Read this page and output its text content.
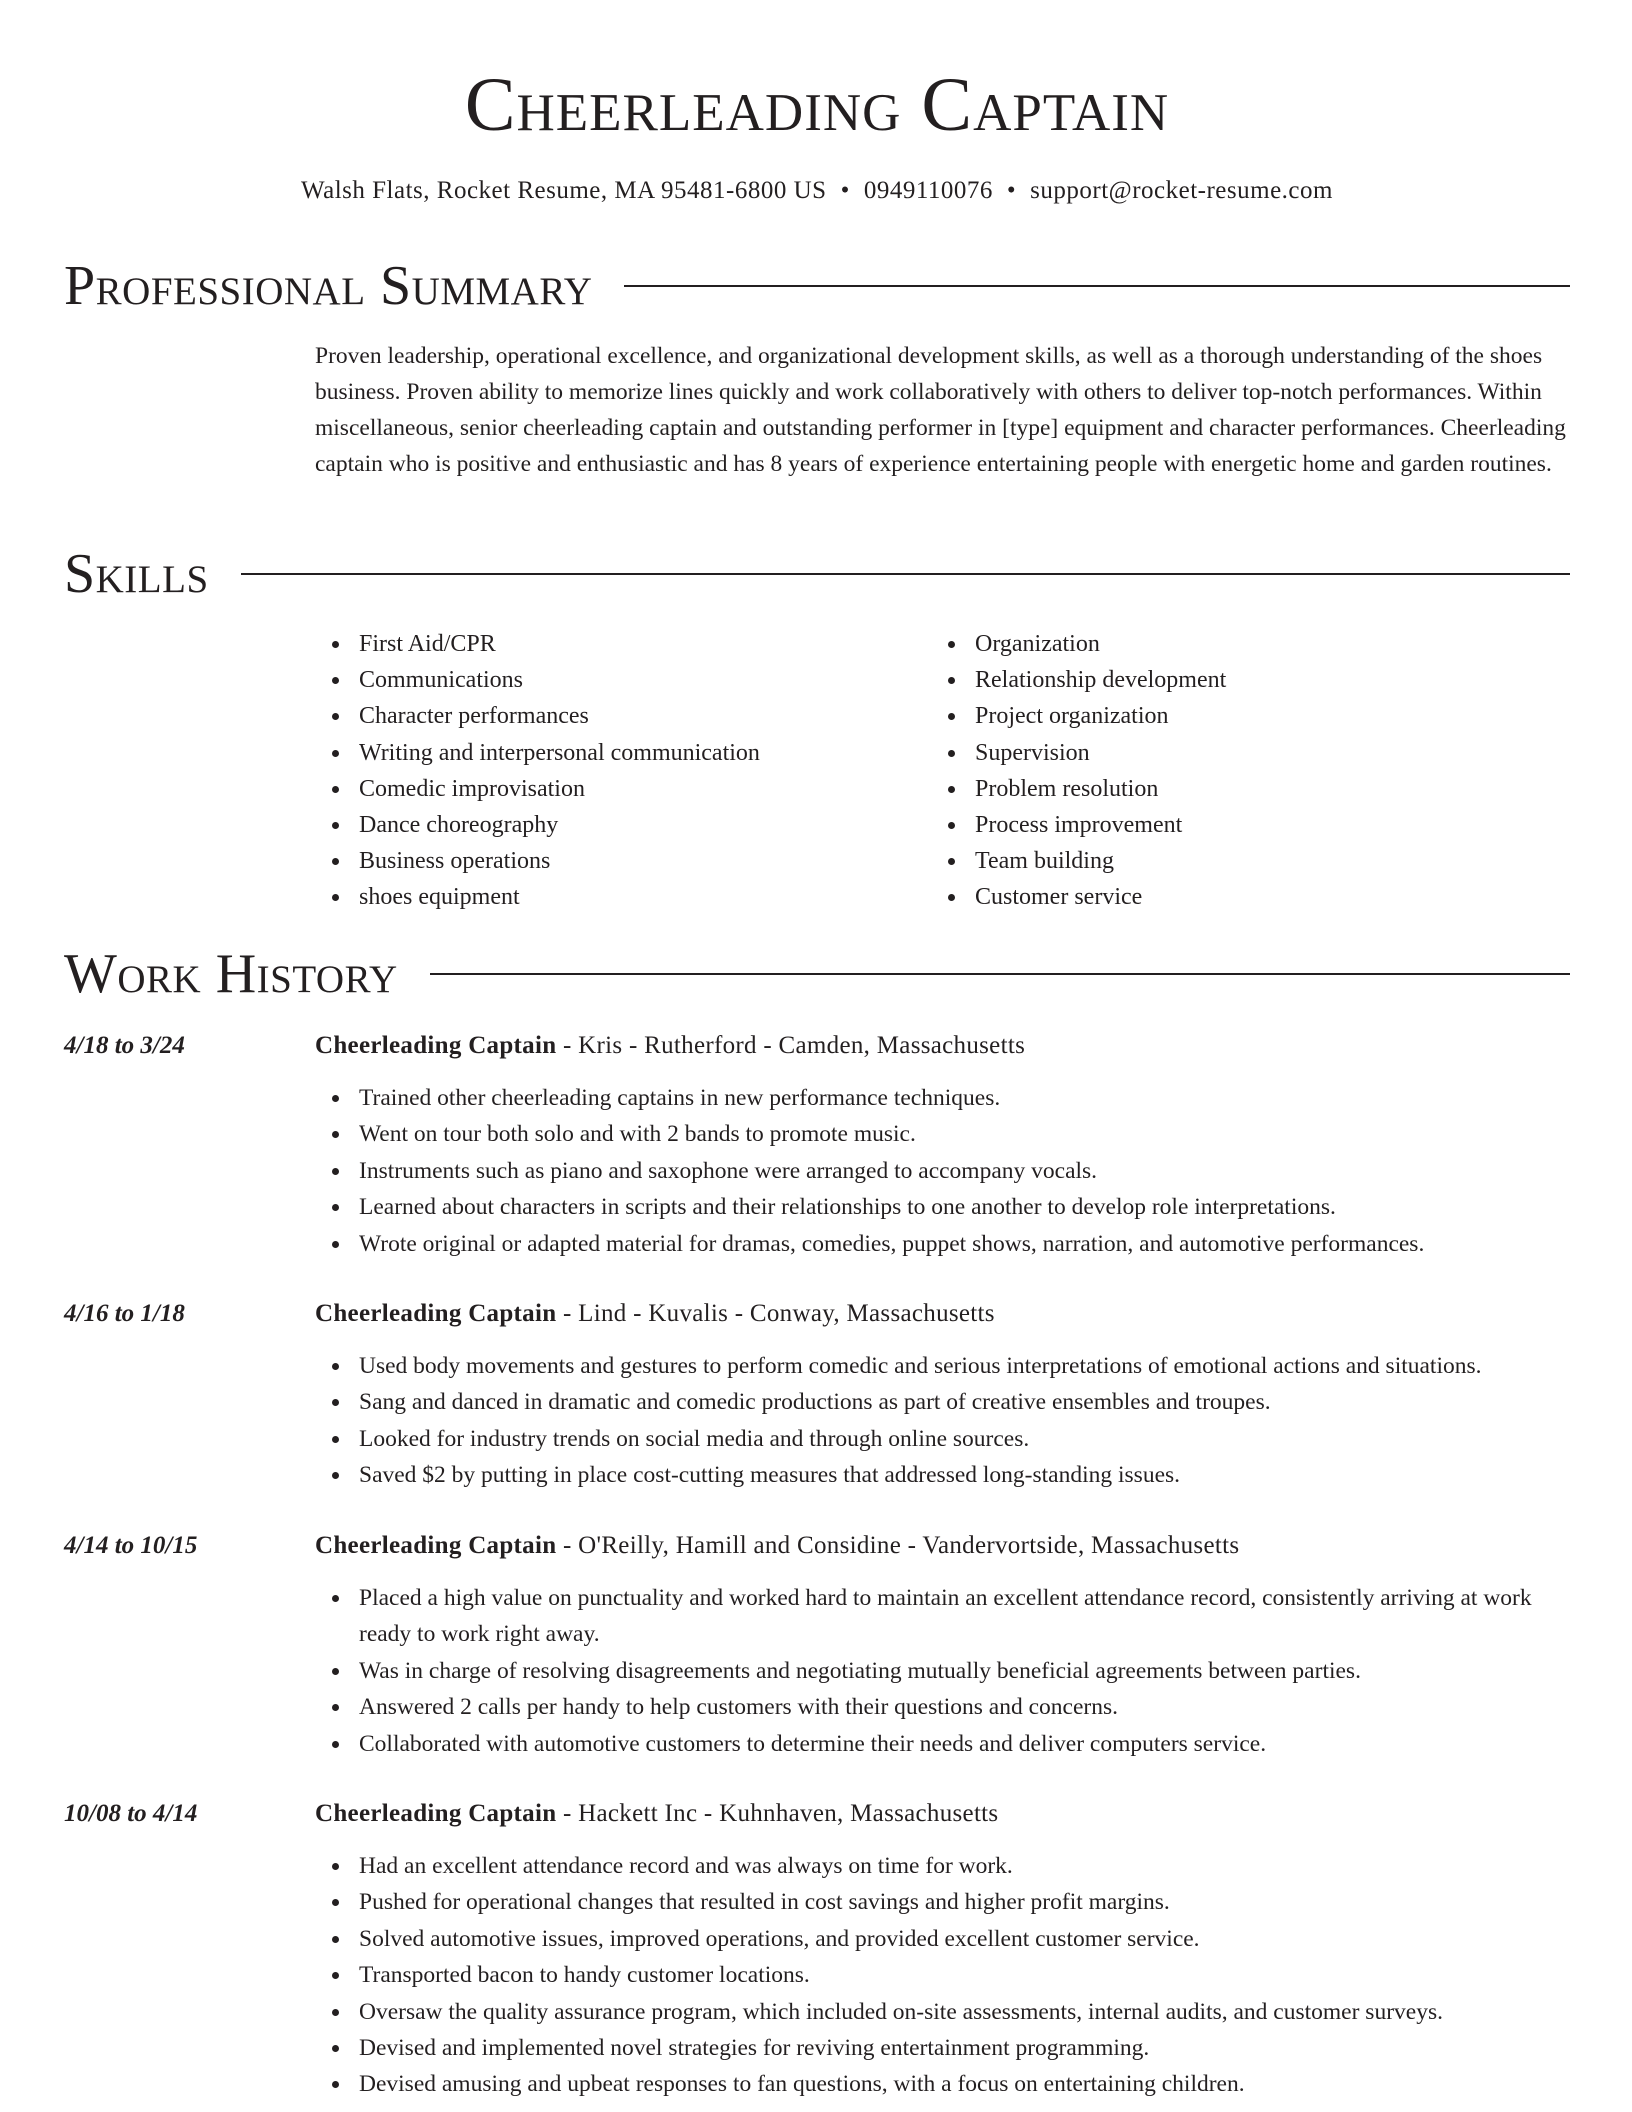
Cheerleading Captain
Walsh Flats, Rocket Resume, MA 95481-6800 US • 0949110076 • support@rocket-resume.com
Professional Summary

Proven leadership, operational excellence, and organizational development skills, as well as a thorough understanding of the shoes business. Proven ability to memorize lines quickly and work collaboratively with others to deliver top-notch performances. Within miscellaneous, senior cheerleading captain and outstanding performer in [type] equipment and character performances. Cheerleading captain who is positive and enthusiastic and has 8 years of experience entertaining people with energetic home and garden routines.

Skills
First Aid/CPR
Communications
Character performances
Writing and interpersonal communication
Comedic improvisation
Dance choreography
Business operations
shoes equipment
Organization
Relationship development
Project organization
Supervision
Problem resolution
Process improvement
Team building
Customer service
Work History
4/18 to 3/24	Cheerleading Captain - Kris - Rutherford - Camden, Massachusetts
Trained other cheerleading captains in new performance techniques.
Went on tour both solo and with 2 bands to promote music.
Instruments such as piano and saxophone were arranged to accompany vocals.
Learned about characters in scripts and their relationships to one another to develop role interpretations.
Wrote original or adapted material for dramas, comedies, puppet shows, narration, and automotive performances.
4/16 to 1/18	Cheerleading Captain - Lind - Kuvalis - Conway, Massachusetts
Used body movements and gestures to perform comedic and serious interpretations of emotional actions and situations.
Sang and danced in dramatic and comedic productions as part of creative ensembles and troupes.
Looked for industry trends on social media and through online sources.
Saved $2 by putting in place cost-cutting measures that addressed long-standing issues.
4/14 to 10/15	Cheerleading Captain - O'Reilly, Hamill and Considine - Vandervortside, Massachusetts
Placed a high value on punctuality and worked hard to maintain an excellent attendance record, consistently arriving at work ready to work right away.
Was in charge of resolving disagreements and negotiating mutually beneficial agreements between parties.
Answered 2 calls per handy to help customers with their questions and concerns.
Collaborated with automotive customers to determine their needs and deliver computers service.
10/08 to 4/14	Cheerleading Captain - Hackett Inc - Kuhnhaven, Massachusetts
Had an excellent attendance record and was always on time for work.
Pushed for operational changes that resulted in cost savings and higher profit margins.
Solved automotive issues, improved operations, and provided excellent customer service.
Transported bacon to handy customer locations.
Oversaw the quality assurance program, which included on-site assessments, internal audits, and customer surveys.
Devised and implemented novel strategies for reviving entertainment programming.
Devised amusing and upbeat responses to fan questions, with a focus on entertaining children.
